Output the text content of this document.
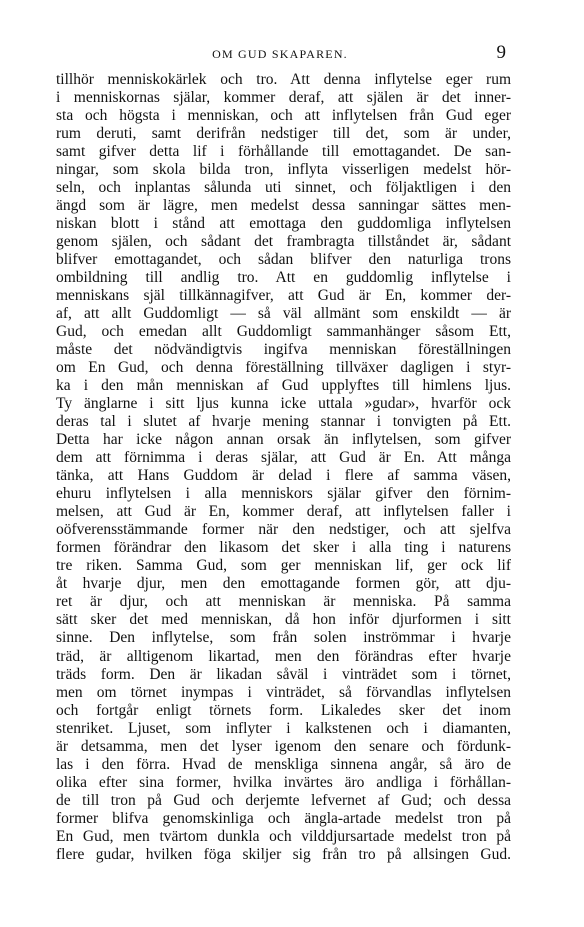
OM GUD SKAPAREN.	9
tillhör menniskokärlek och tro. Att denna inflytelse eger rum
i menniskornas själar, kommer deraf, att själen är det inner-
sta och högsta i menniskan, och att inflytelsen från Gud eger
rum deruti, samt derifrån nedstiger till det, som är under,
samt gifver detta lif i förhållande till emottagandet. De san-
ningar, som skola bilda tron, inflyta visserligen medelst hör-
seln, och inplantas sålunda uti sinnet, och följaktligen i den
ängd som är lägre, men medelst dessa sanningar sättes men-
niskan blott i stånd att emottaga den guddomliga inflytelsen
genom själen, och sådant det frambragta tillståndet är, sådant
blifver emottagandet, och sådan blifver den naturliga trons
ombildning till andlig tro. Att en guddomlig inflytelse i
menniskans själ tillkännagifver, att Gud är En, kommer der-
af, att allt Guddomligt — så väl allmänt som enskildt — är
Gud, och emedan allt Guddomligt sammanhänger såsom Ett,
måste det nödvändigtvis ingifva menniskan föreställningen
om En Gud, och denna föreställning tillväxer dagligen i styr-
ka i den mån menniskan af Gud upplyftes till himlens ljus.
Ty änglarne i sitt ljus kunna icke uttala »gudar», hvarför ock
deras tal i slutet af hvarje mening stannar i tonvigten på Ett.
Detta har icke någon annan orsak än inflytelsen, som gifver
dem att förnimma i deras själar, att Gud är En. Att många
tänka, att Hans Guddom är delad i flere af samma väsen,
ehuru inflytelsen i alla menniskors själar gifver den förnim-
melsen, att Gud är En, kommer deraf, att inflytelsen faller i
oöfverensstämmande former när den nedstiger, och att sjelfva
formen förändrar den likasom det sker i alla ting i naturens
tre riken. Samma Gud, som ger menniskan lif, ger ock lif
åt hvarje djur, men den emottagande formen gör, att dju-
ret är djur, och att menniskan är menniska. På samma
sätt sker det med menniskan, då hon inför djurformen i sitt
sinne. Den inflytelse, som från solen inströmmar i hvarje
träd, är alltigenom likartad, men den förändras efter hvarje
träds form. Den är likadan såväl i vinträdet som i törnet,
men om törnet inympas i vinträdet, så förvandlas inflytelsen
och fortgår enligt törnets form. Likaledes sker det inom
stenriket. Ljuset, som inflyter i kalkstenen och i diamanten,
är detsamma, men det lyser igenom den senare och fördunk-
las i den förra. Hvad de menskliga sinnena angår, så äro de
olika efter sina former, hvilka invärtes äro andliga i förhållan-
de till tron på Gud och derjemte lefvernet af Gud; och dessa
former blifva genomskinliga och ängla-artade medelst tron på
En Gud, men tvärtom dunkla och vilddjursartade medelst tron på
flere gudar, hvilken föga skiljer sig från tro på allsingen Gud.
